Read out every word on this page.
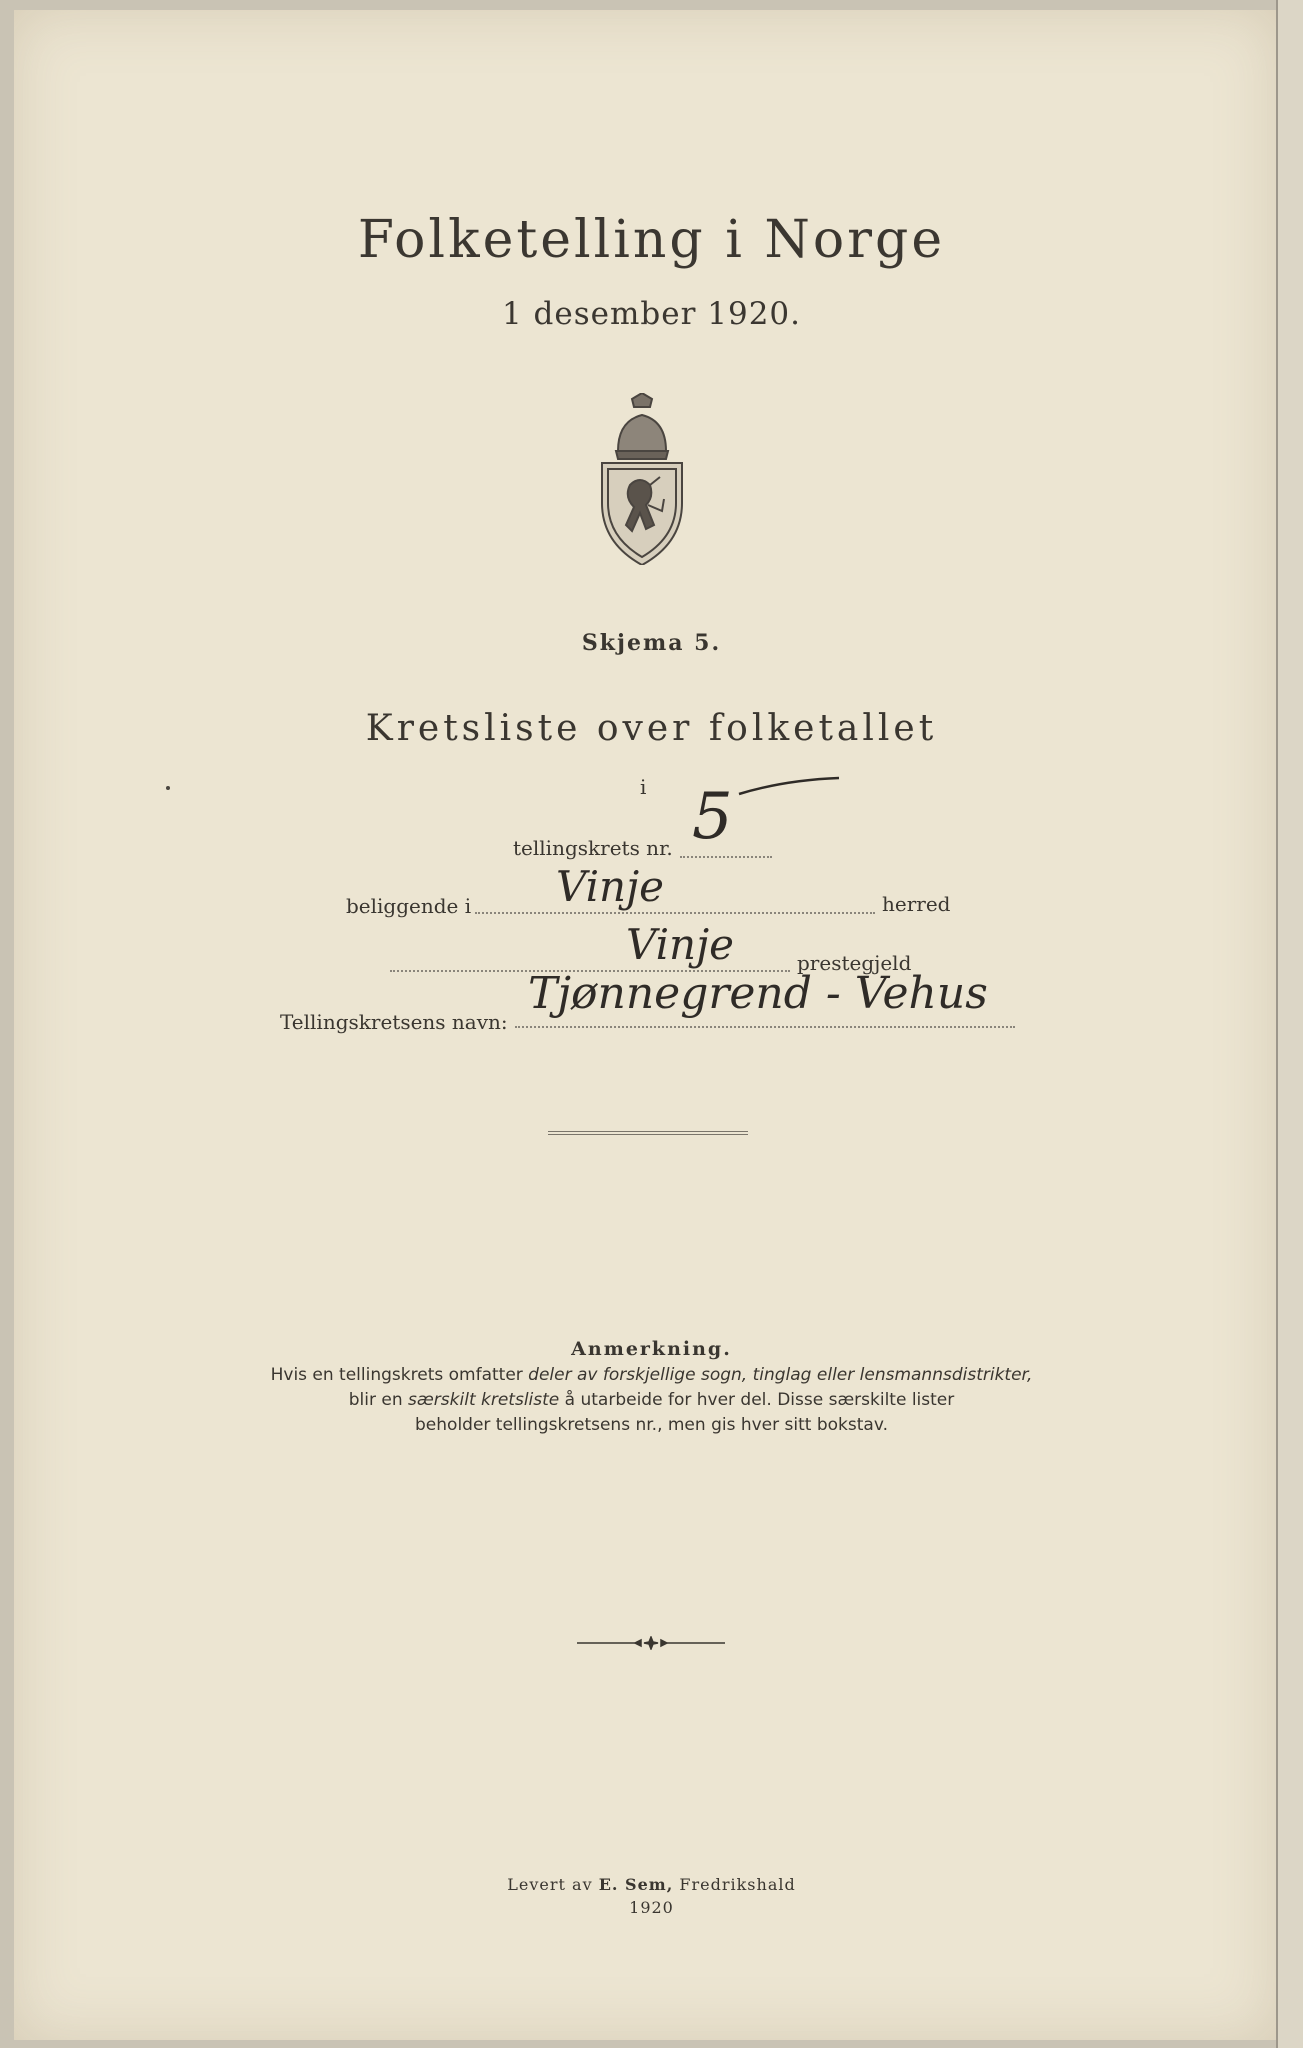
Folketelling i Norge
1 desember 1920.
Skjema 5.
Kretsliste over folketallet
i
tellingskrets nr. 5
beliggende i Vinje	herred
Vinje	prestegjeld
Tellingskretsens navn:
Tjønnegrend - Vehus
Anmerkning.
Hvis en tellingskrets omfatter deler av forskjellige sogn, tinglag eller lensmannsdistrikter,
blir en særskilt kretsliste å utarbeide for hver del. Disse særskilte lister
beholder tellingskretsens nr., men gis hver sitt bokstav.
Levert av E. Sem, Fredrikshald
1920
